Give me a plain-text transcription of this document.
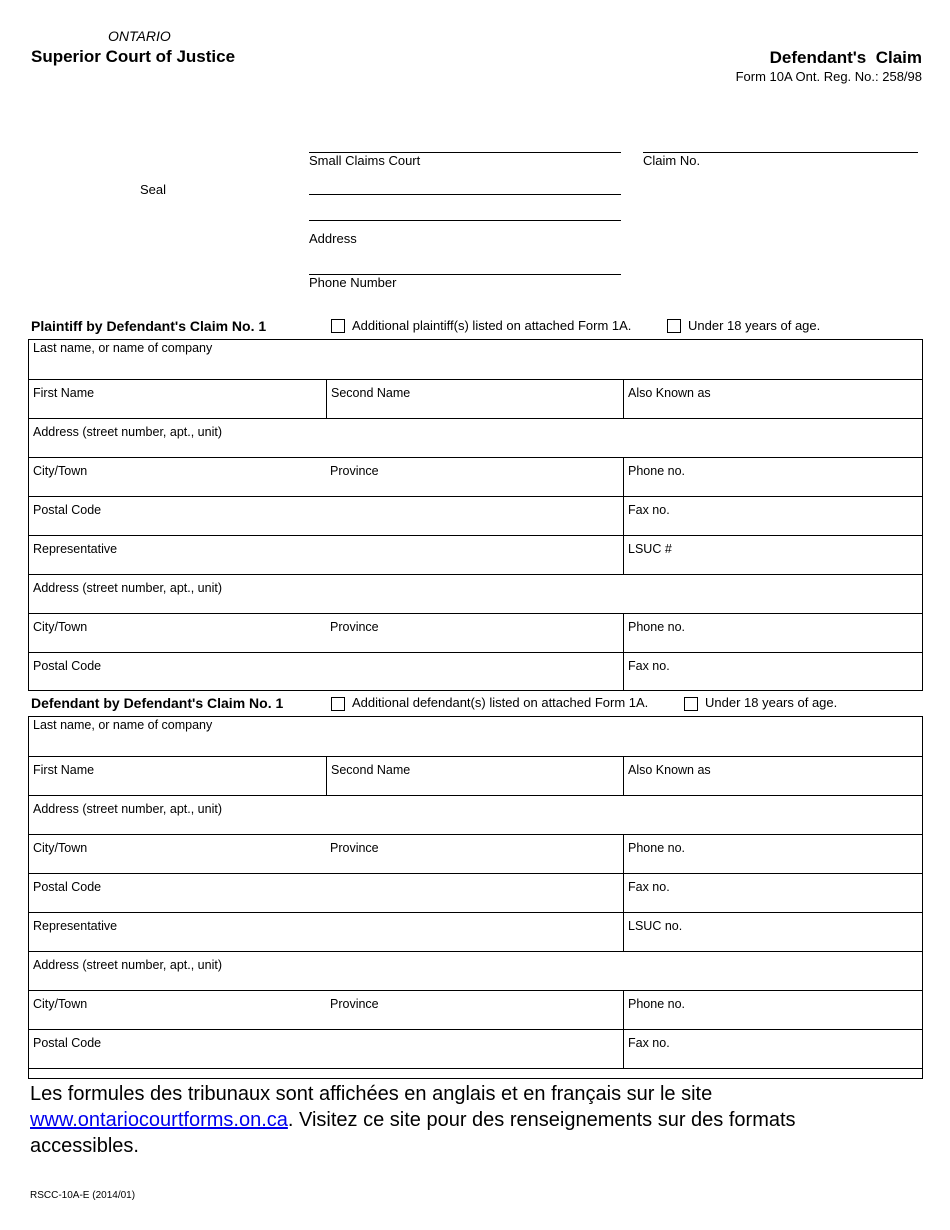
ONTARIO
Superior Court of Justice	Defendant's  Claim
Form 10A Ont. Reg. No.: 258/98
Seal
Small Claims Court	Claim No.
Address
Phone Number
Plaintiff by Defendant's Claim No. 1	Additional plaintiff(s) listed on attached Form 1A.	Under 18 years of age.
Last name, or name of company
First Name	Second Name	Also Known as
Address (street number, apt., unit)
City/Town	Province	Phone no.
Postal Code	Fax no.
Representative	LSUC #
Address (street number, apt., unit)
City/Town	Province	Phone no.
Postal Code	Fax no.
Defendant by Defendant's Claim No. 1	Additional defendant(s) listed on attached Form 1A.	Under 18 years of age.
Last name, or name of company
First Name	Second Name	Also Known as
Address (street number, apt., unit)
City/Town	Province	Phone no.
Postal Code	Fax no.
Representative	LSUC no.
Address (street number, apt., unit)
City/Town	Province	Phone no.
Postal Code	Fax no.
Les formules des tribunaux sont affichées en anglais et en français sur le site
www.ontariocourtforms.on.ca. Visitez ce site pour des renseignements sur des formats accessibles.
RSCC-10A-E (2014/01)
